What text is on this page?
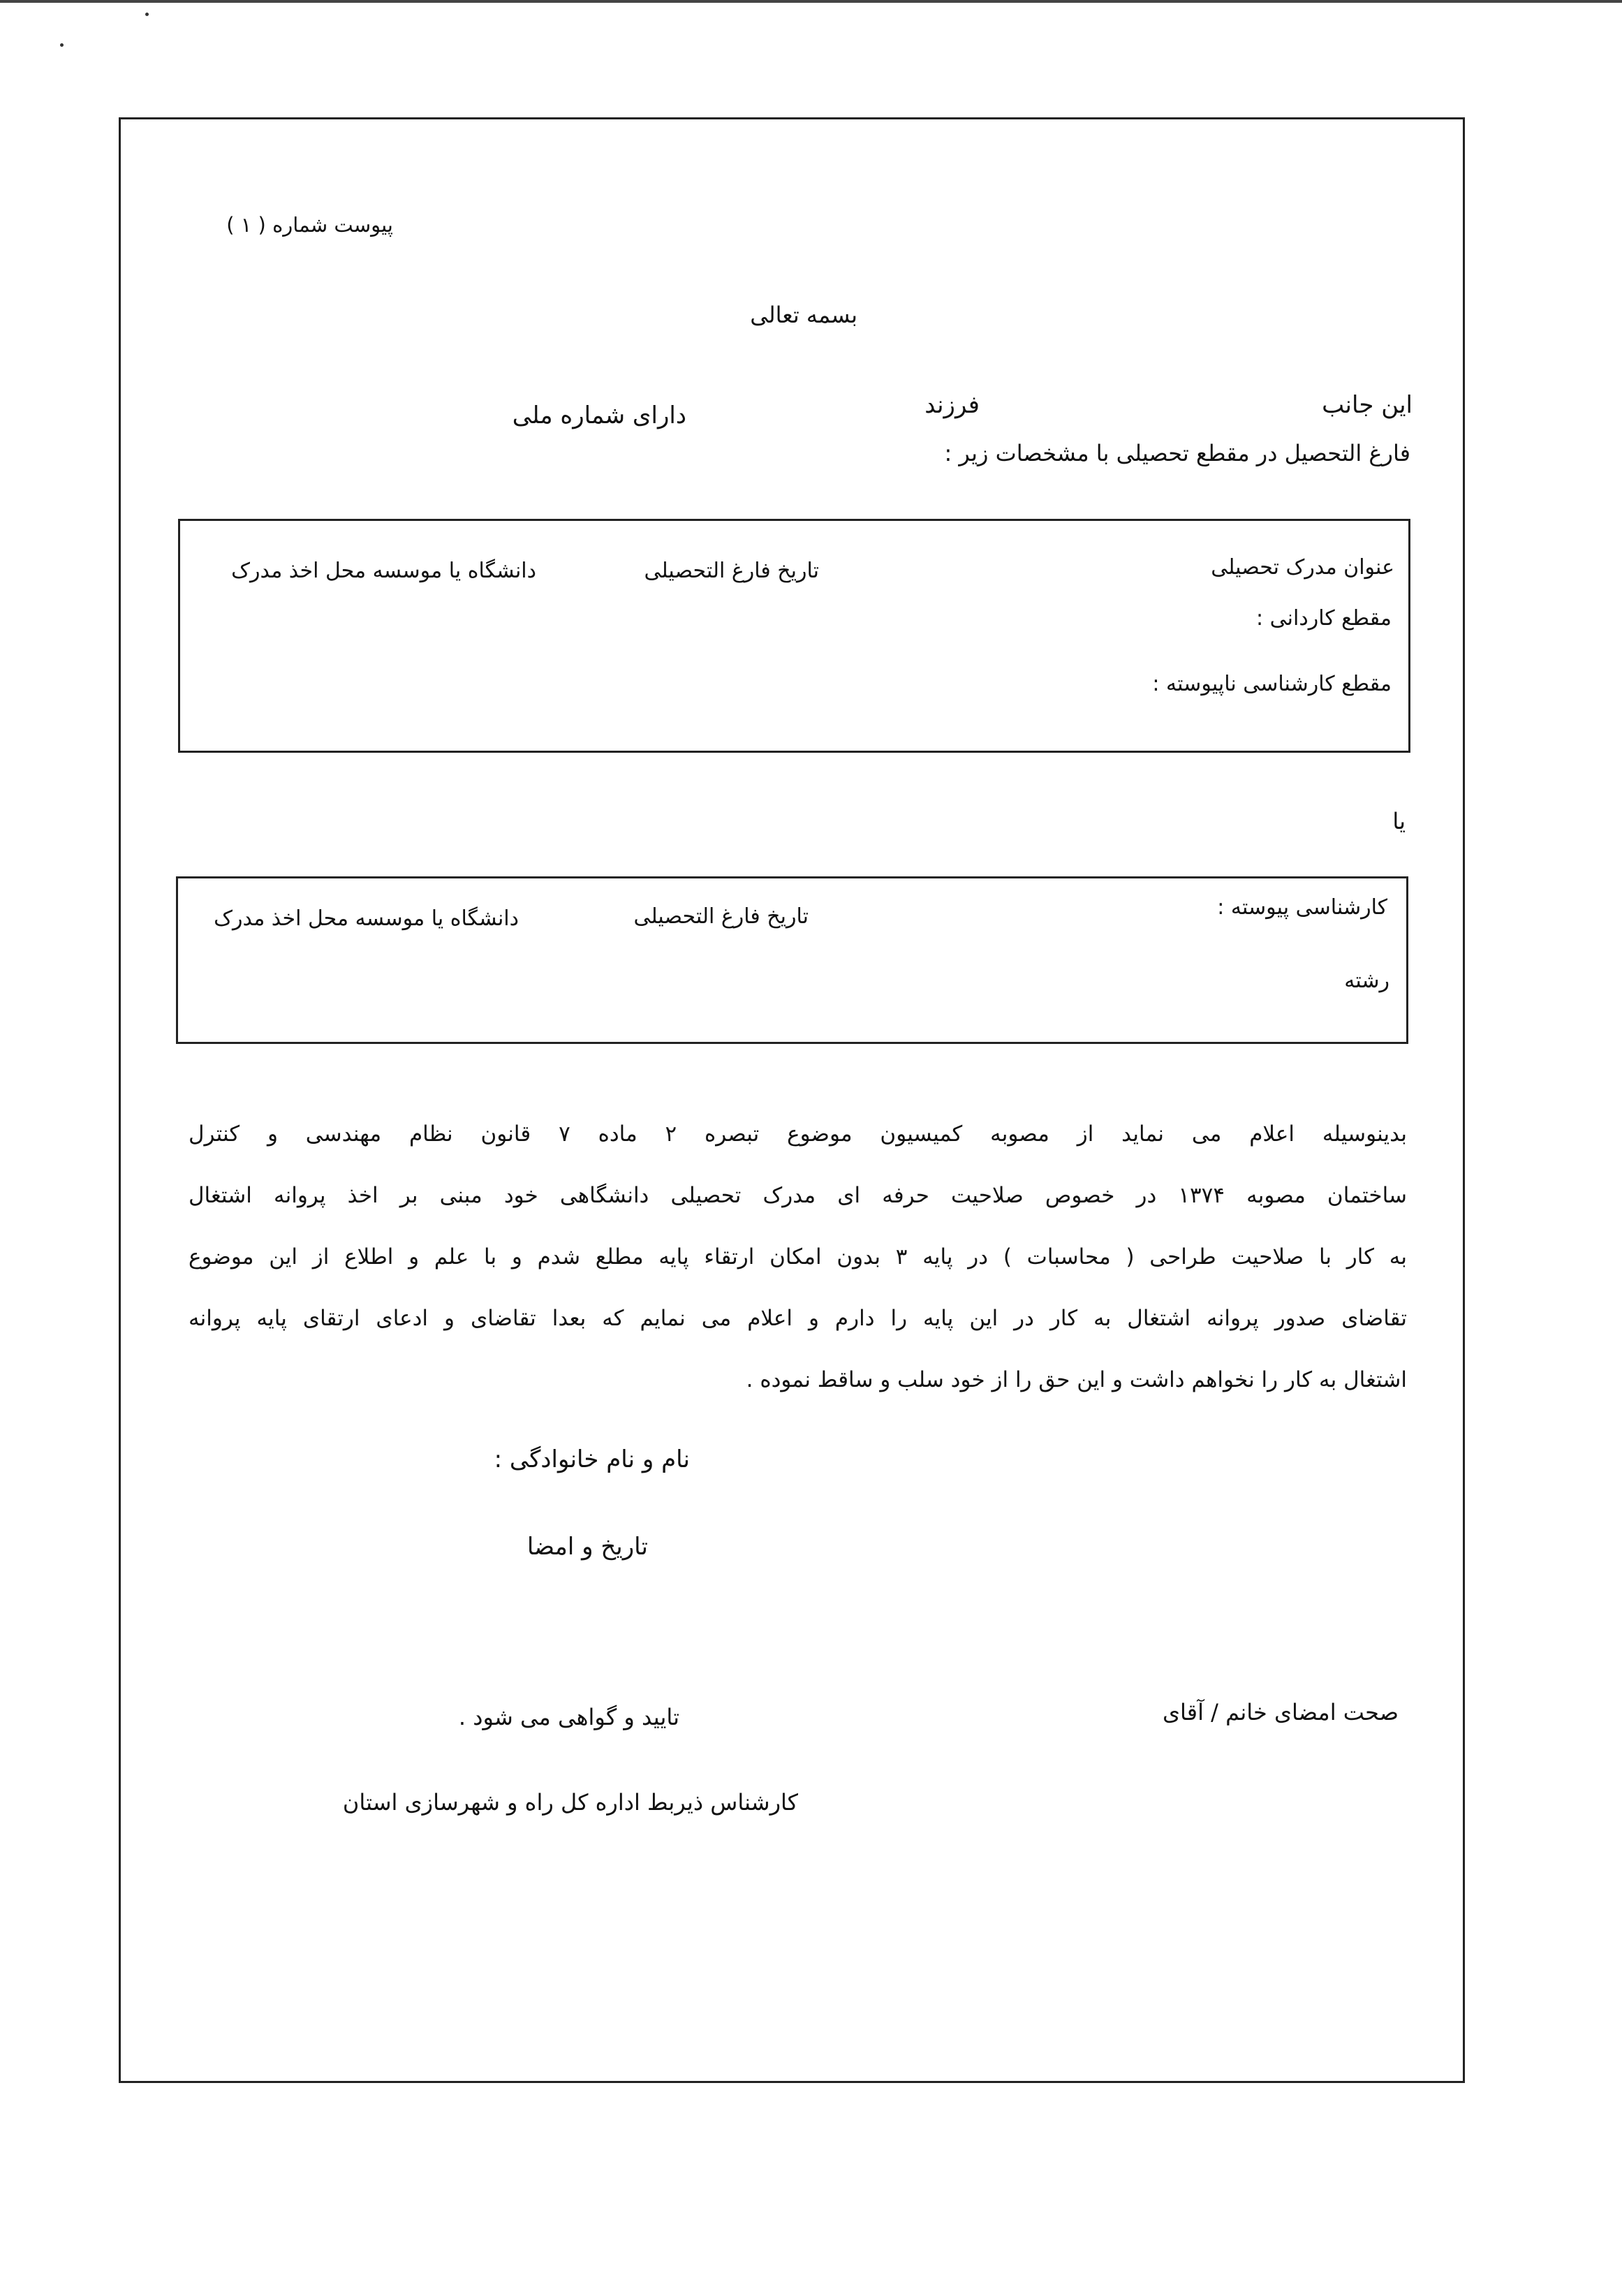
پیوست شماره ( ۱ )
بسمه تعالی
این جانب
فرزند
دارای شماره ملی
فارغ التحصیل در مقطع تحصیلی با مشخصات زیر :
عنوان مدرک تحصیلی
تاریخ فارغ التحصیلی
دانشگاه یا موسسه محل اخذ مدرک
مقطع کاردانی :
مقطع کارشناسی ناپیوسته :
یا
کارشناسی پیوسته :
تاریخ فارغ التحصیلی
دانشگاه یا موسسه محل اخذ مدرک
رشته
بدینوسیله اعلام می نماید از مصوبه کمیسیون موضوع تبصره ۲ ماده ۷ قانون نظام مهندسی و کنترل
ساختمان مصوبه ۱۳۷۴ در خصوص صلاحیت حرفه ای مدرک تحصیلی دانشگاهی خود مبنی بر اخذ پروانه اشتغال
به کار با صلاحیت طراحی ( محاسبات ) در پایه ۳ بدون امکان ارتقاء پایه مطلع شدم و با علم و اطلاع از این موضوع
تقاضای صدور پروانه اشتغال به کار در این پایه را دارم و اعلام می نمایم که بعدا تقاضای و ادعای ارتقای پایه پروانه
اشتغال به کار را نخواهم داشت و این حق را از خود سلب و ساقط نموده .
نام و نام خانوادگی :
تاریخ و امضا
صحت امضای خانم / آقای
تایید و گواهی می شود .
کارشناس ذیربط اداره کل راه و شهرسازی استان
